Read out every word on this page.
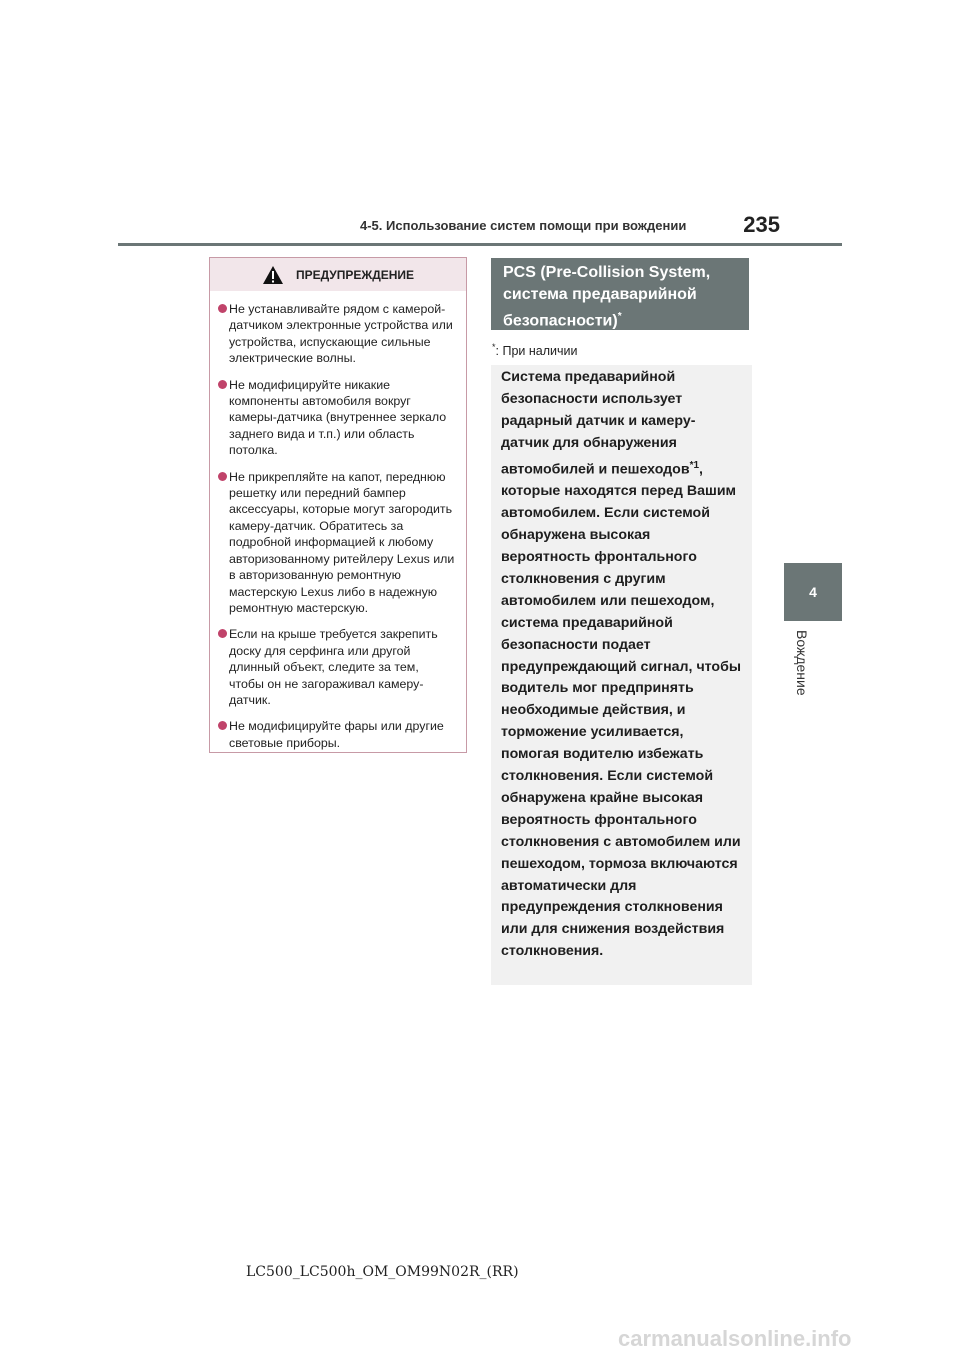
4-5. Использование систем помощи при вождении	235
4
Вождение
ПРЕДУПРЕЖДЕНИЕ
Не устанавливайте рядом с камерой-датчиком электронные устройства или устройства, испускающие сильные электрические волны.
Не модифицируйте никакие компоненты автомобиля вокруг камеры-датчика (внутреннее зеркало заднего вида и т.п.) или область потолка.
Не прикрепляйте на капот, переднюю решетку или передний бампер аксессуары, которые могут загородить камеру-датчик. Обратитесь за подробной информацией к любому авторизованному ритейлеру Lexus или в авторизованную ремонтную мастерскую Lexus либо в надежную ремонтную мастерскую.
Если на крыше требуется закрепить доску для серфинга или другой длинный объект, следите за тем, чтобы он не загораживал камеру-датчик.
Не модифицируйте фары или другие световые приборы.
PCS (Pre-Collision System,
система предаварийной
безопасности)*
*: При наличии

Система предаварийной безопасности использует радарный датчик и камеру-датчик для обнаружения автомобилей и пешеходов$^{*1}$, которые находятся перед Вашим автомобилем. Если системой обнаружена высокая вероятность фронтального столкновения с другим автомобилем или пешеходом, система предаварийной безопасности подает предупреждающий сигнал, чтобы водитель мог предпринять необходимые действия, и торможение усиливается, помогая водителю избежать столкновения. Если системой обнаружена крайне высокая вероятность фронтального столкновения с автомобилем или пешеходом, тормоза включаются автоматически для предупреждения столкновения или для снижения воздействия столкновения.

LC500_LC500h_OM_OM99N02R_(RR)
carmanualsonline.info
